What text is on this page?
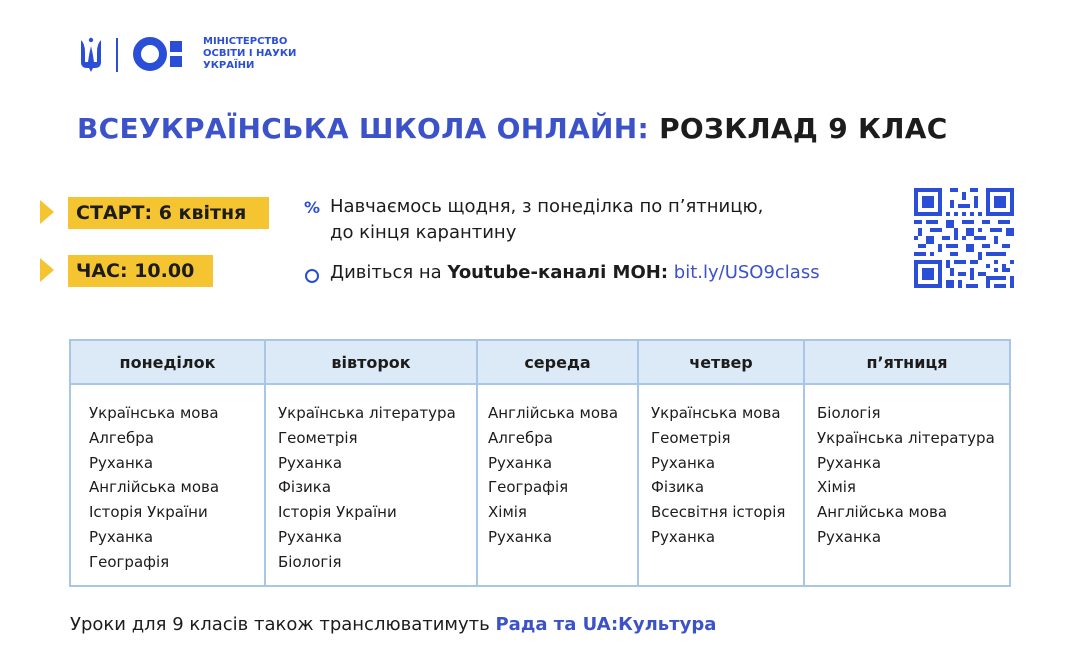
МІНІСТЕРСТВО
ОСВІТИ І НАУКИ
УКРАЇНИ
ВСЕУКРАЇНСЬКА ШКОЛА ОНЛАЙН: РОЗКЛАД 9 КЛАС
СТАРТ: 6 квітня
ЧАС: 10.00
% Навчаємось щодня, з понеділка по п’ятницю,
до кінця карантину
Дивіться на Youtube-каналі МОН: bit.ly/USO9class
понеділок
Українська мова
Алгебра
Руханка
Англійська мова
Історія України
Руханка
Географія
вівторок
Українська література
Геометрія
Руханка
Фізика
Історія України
Руханка
Біологія
середа
Англійська мова
Алгебра
Руханка
Географія
Хімія
Руханка
четвер
Українська мова
Геометрія
Руханка
Фізика
Всесвітня історія
Руханка
п’ятниця
Біологія
Українська література
Руханка
Хімія
Англійська мова
Руханка
Уроки для 9 класів також транслюватимуть Рада та UA:Культура
